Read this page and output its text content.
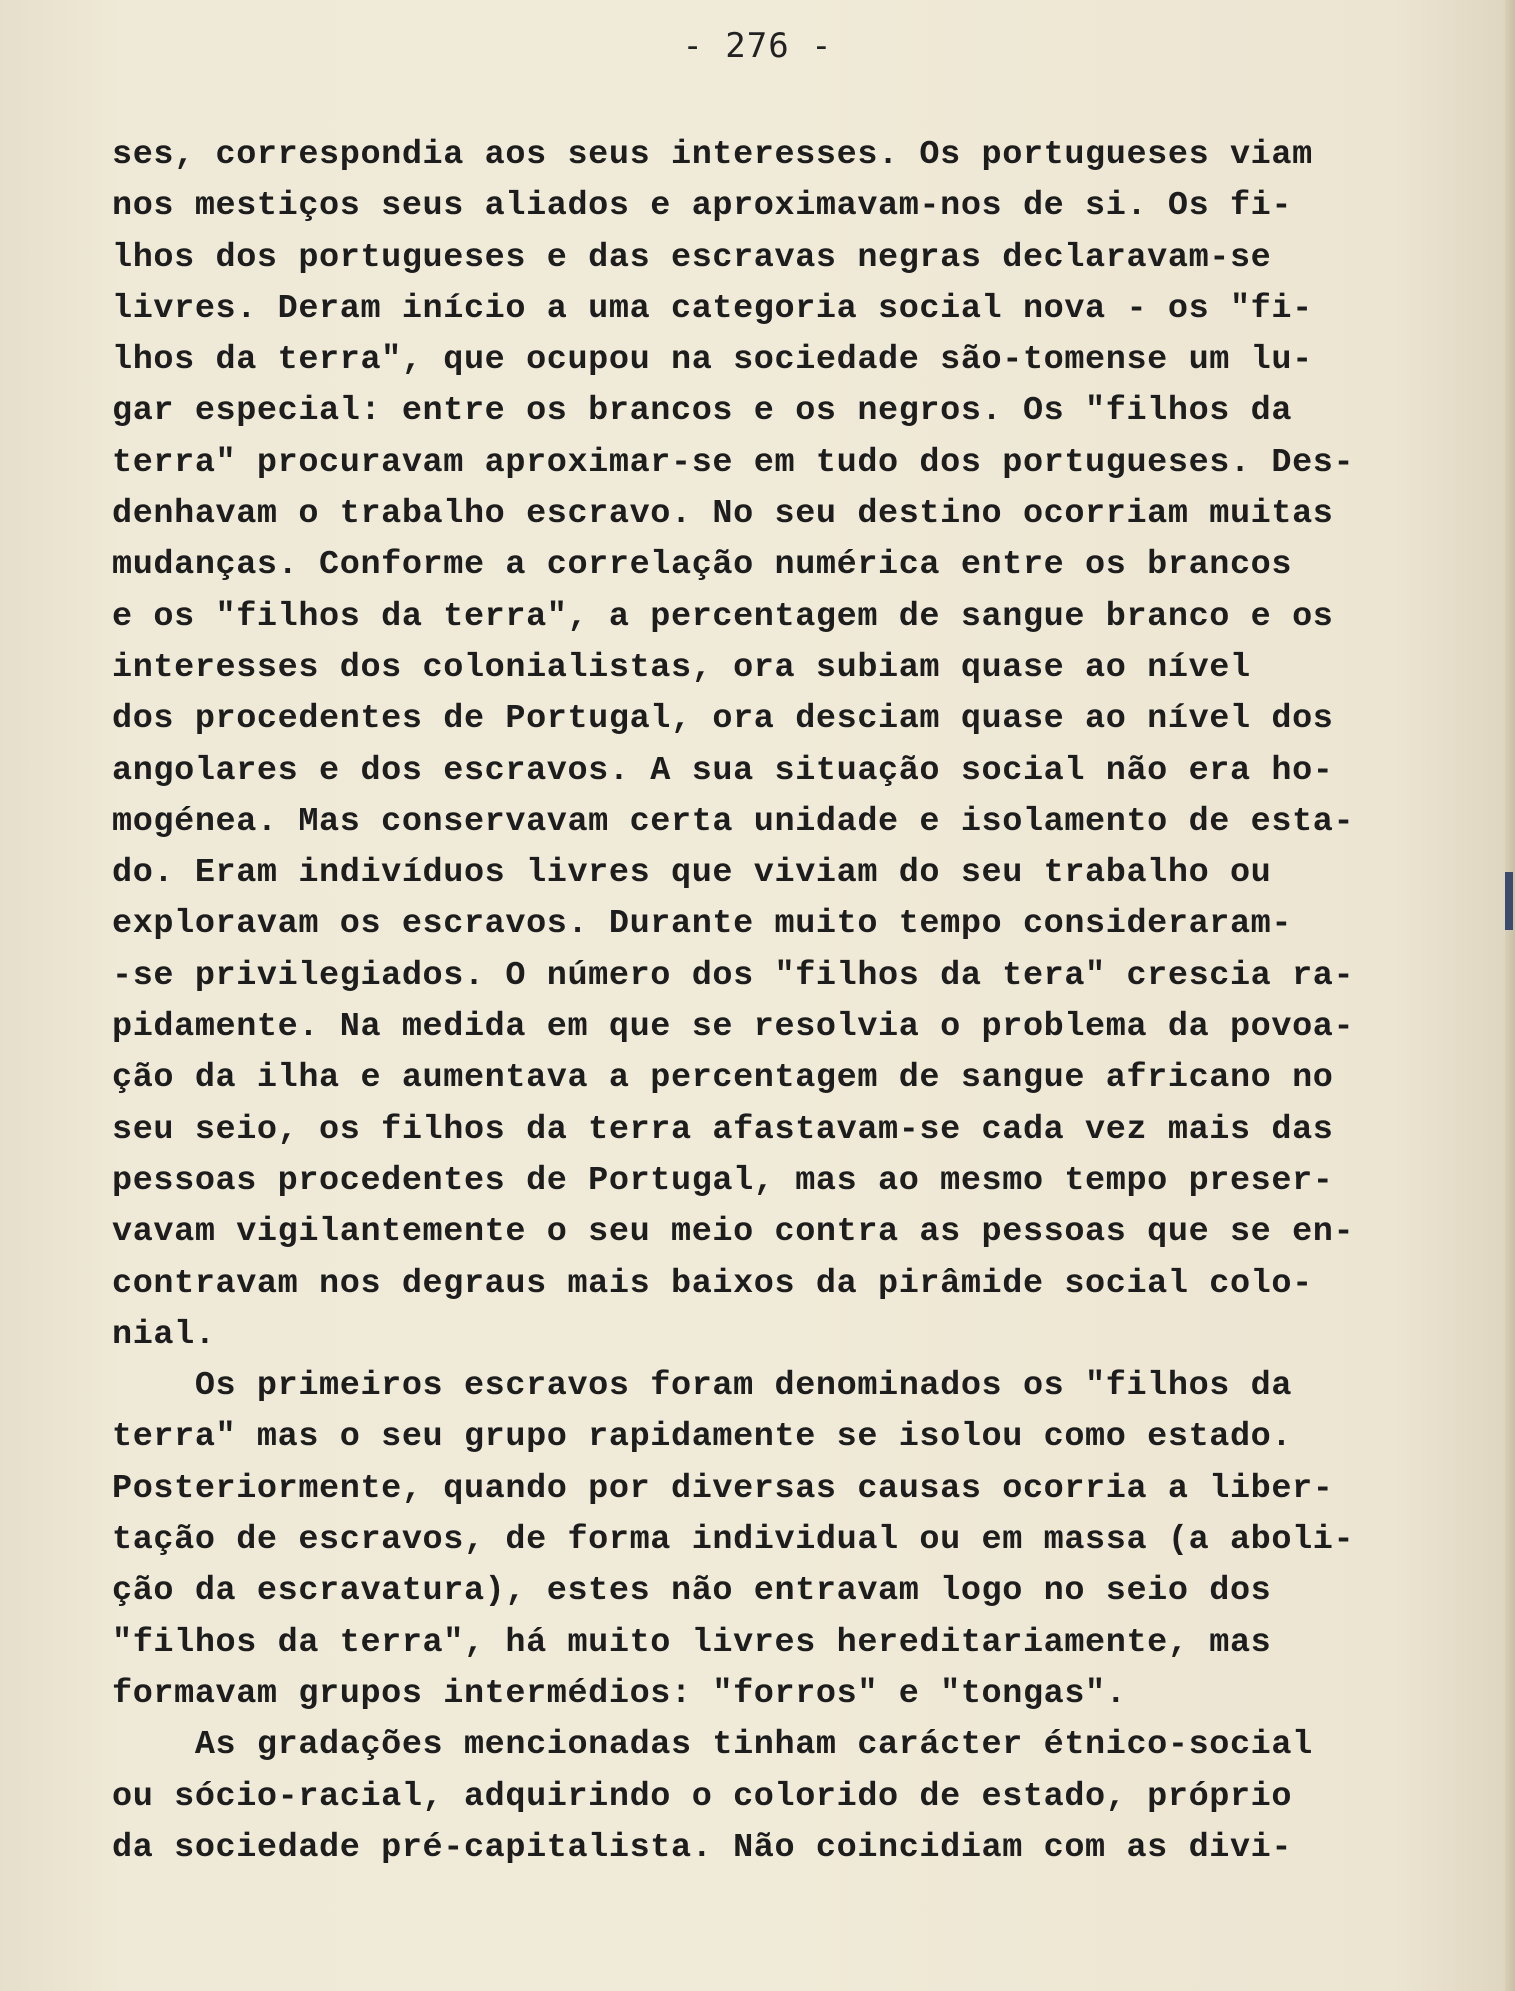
- 276 -
ses, correspondia aos seus interesses. Os portugueses viam
nos mestiços seus aliados e aproximavam-nos de si. Os fi-
lhos dos portugueses e das escravas negras declaravam-se
livres. Deram início a uma categoria social nova - os "fi-
lhos da terra", que ocupou na sociedade são-tomense um lu-
gar especial: entre os brancos e os negros. Os "filhos da
terra" procuravam aproximar-se em tudo dos portugueses. Des-
denhavam o trabalho escravo. No seu destino ocorriam muitas
mudanças. Conforme a correlação numérica entre os brancos
e os "filhos da terra", a percentagem de sangue branco e os
interesses dos colonialistas, ora subiam quase ao nível
dos procedentes de Portugal, ora desciam quase ao nível dos
angolares e dos escravos. A sua situação social não era ho-
mogénea. Mas conservavam certa unidade e isolamento de esta-
do. Eram indivíduos livres que viviam do seu trabalho ou
exploravam os escravos. Durante muito tempo consideraram-
-se privilegiados. O número dos "filhos da tera" crescia ra-
pidamente. Na medida em que se resolvia o problema da povoa-
ção da ilha e aumentava a percentagem de sangue africano no
seu seio, os filhos da terra afastavam-se cada vez mais das
pessoas procedentes de Portugal, mas ao mesmo tempo preser-
vavam vigilantemente o seu meio contra as pessoas que se en-
contravam nos degraus mais baixos da pirâmide social colo-
nial.
Os primeiros escravos foram denominados os "filhos da
terra" mas o seu grupo rapidamente se isolou como estado.
Posteriormente, quando por diversas causas ocorria a liber-
tação de escravos, de forma individual ou em massa (a aboli-
ção da escravatura), estes não entravam logo no seio dos
"filhos da terra", há muito livres hereditariamente, mas
formavam grupos intermédios: "forros" e "tongas".
As gradações mencionadas tinham carácter étnico-social
ou sócio-racial, adquirindo o colorido de estado, próprio
da sociedade pré-capitalista. Não coincidiam com as divi-
